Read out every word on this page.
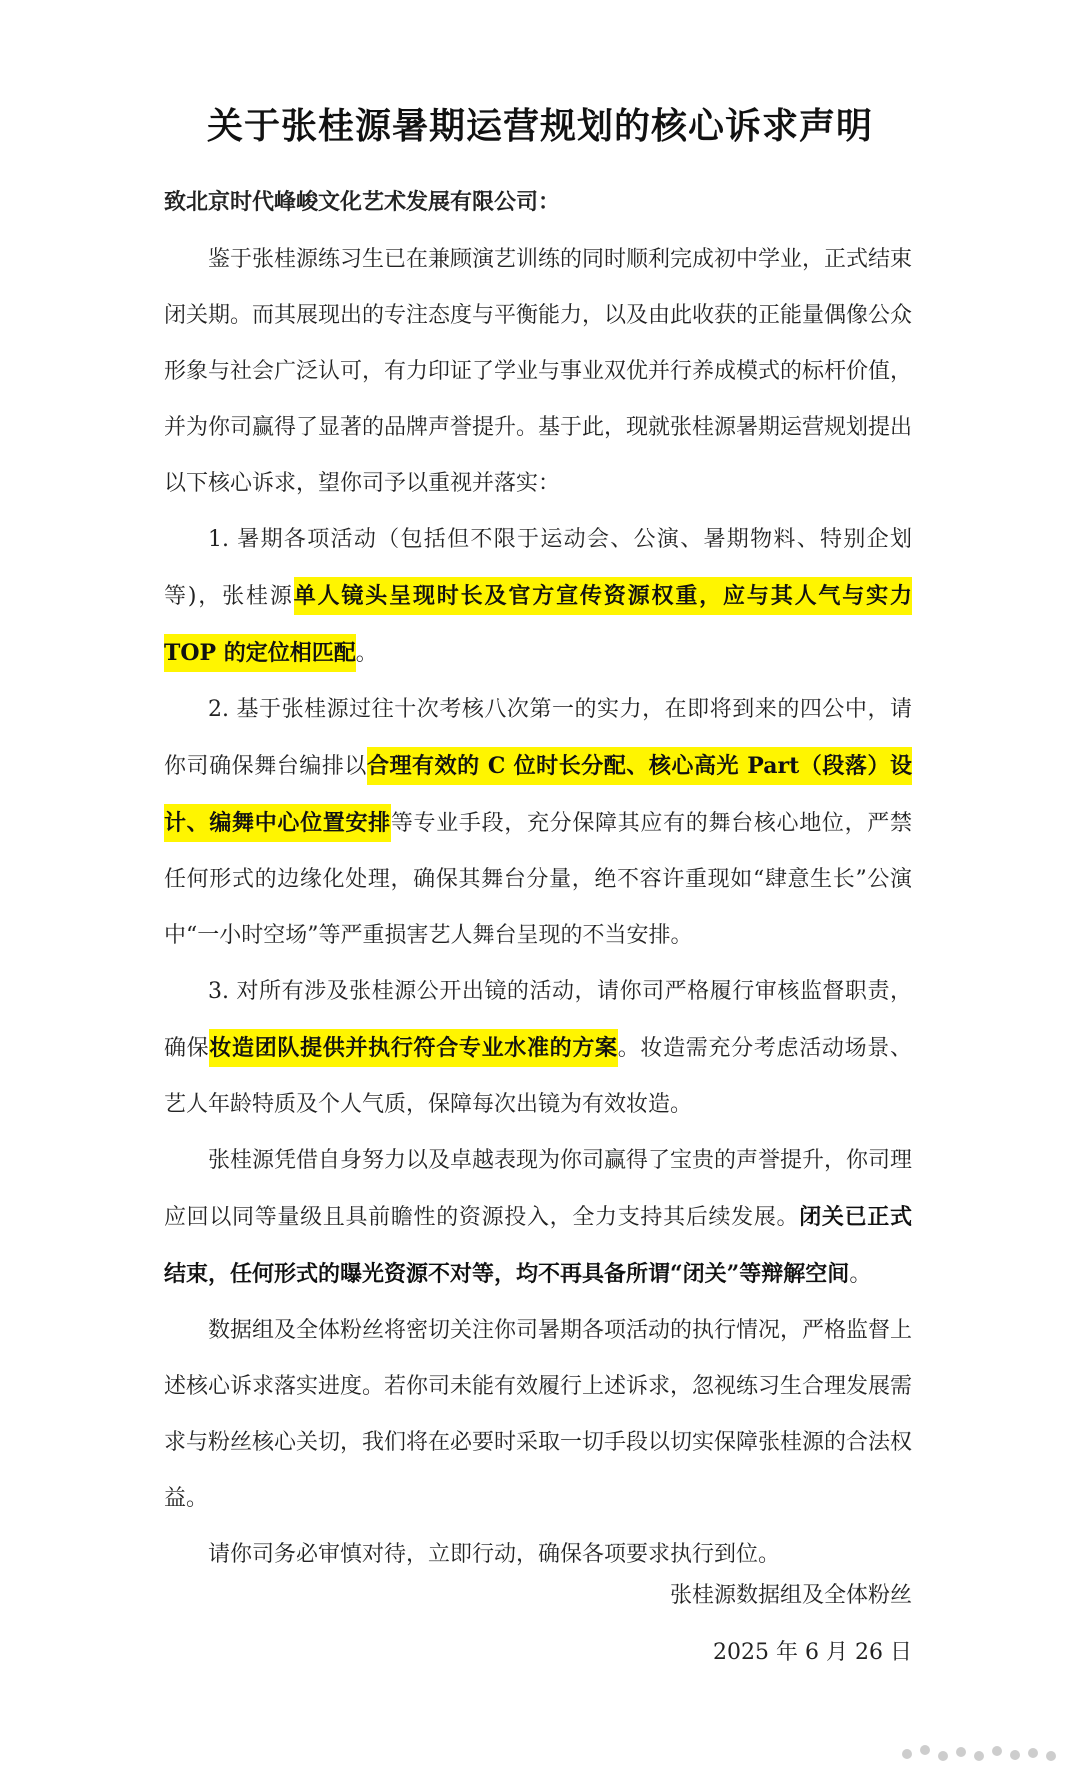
关于张桂源暑期运营规划的核心诉求声明

致北京时代峰峻文化艺术发展有限公司：

鉴于张桂源练习生已在兼顾演艺训练的同时顺利完成初中学业，正式结束闭关期。而其展现出的专注态度与平衡能力，以及由此收获的正能量偶像公众形象与社会广泛认可，有力印证了学业与事业双优并行养成模式的标杆价值，并为你司赢得了显著的品牌声誉提升。基于此，现就张桂源暑期运营规划提出以下核心诉求，望你司予以重视并落实：

1. 暑期各项活动（包括但不限于运动会、公演、暑期物料、特别企划等)，张桂源单人镜头呈现时长及官方宣传资源权重，应与其人气与实力 TOP 的定位相匹配。

2. 基于张桂源过往十次考核八次第一的实力，在即将到来的四公中，请你司确保舞台编排以合理有效的 C 位时长分配、核心高光 Part（段落）设计、编舞中心位置安排等专业手段，充分保障其应有的舞台核心地位，严禁任何形式的边缘化处理，确保其舞台分量，绝不容许重现如“肆意生长”公演中“一小时空场”等严重损害艺人舞台呈现的不当安排。

3. 对所有涉及张桂源公开出镜的活动，请你司严格履行审核监督职责，确保妆造团队提供并执行符合专业水准的方案。妆造需充分考虑活动场景、艺人年龄特质及个人气质，保障每次出镜为有效妆造。

张桂源凭借自身努力以及卓越表现为你司赢得了宝贵的声誉提升，你司理应回以同等量级且具前瞻性的资源投入，全力支持其后续发展。闭关已正式结束，任何形式的曝光资源不对等，均不再具备所谓“闭关”等辩解空间。

数据组及全体粉丝将密切关注你司暑期各项活动的执行情况，严格监督上述核心诉求落实进度。若你司未能有效履行上述诉求，忽视练习生合理发展需求与粉丝核心关切，我们将在必要时采取一切手段以切实保障张桂源的合法权益。

请你司务必审慎对待，立即行动，确保各项要求执行到位。

张桂源数据组及全体粉丝
2025 年 6 月 26 日
